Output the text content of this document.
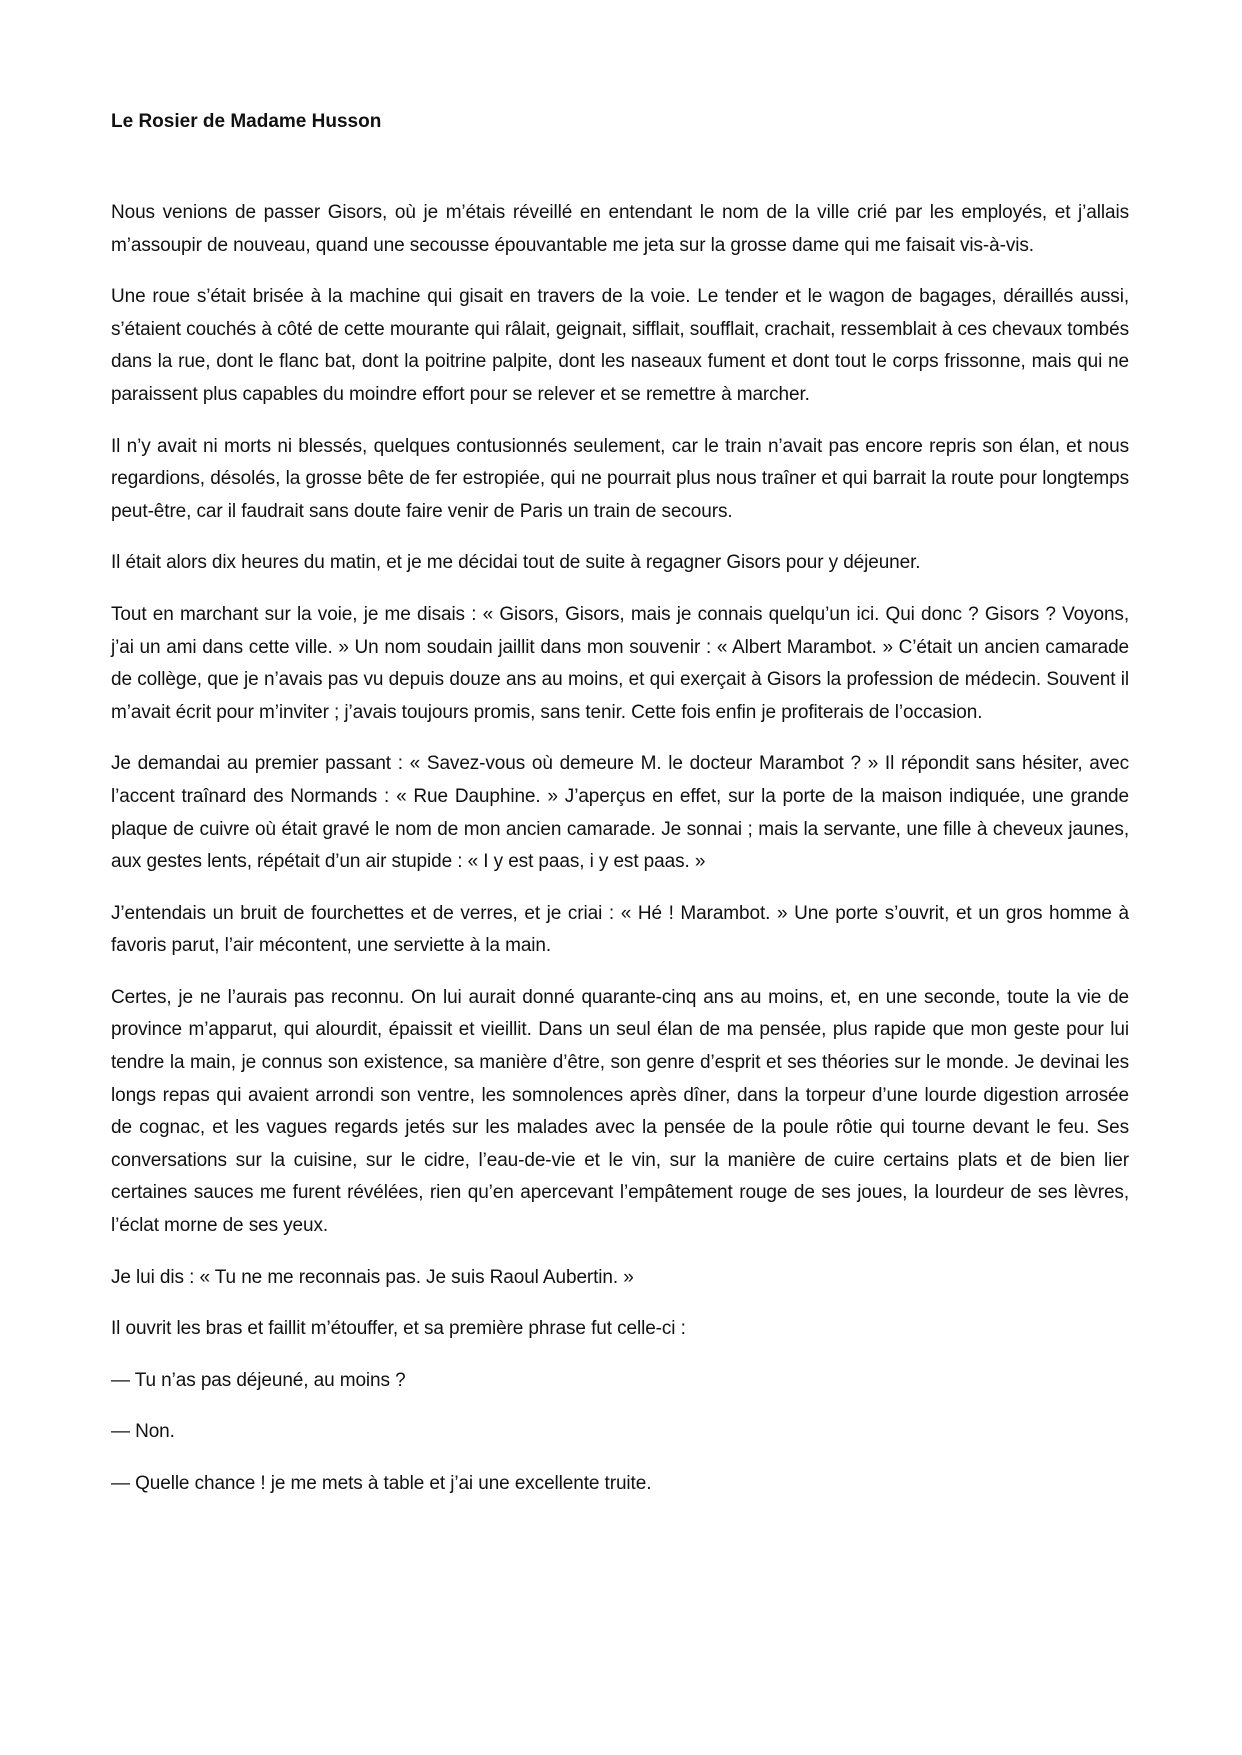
Le Rosier de Madame Husson

Nous venions de passer Gisors, où je m’étais réveillé en entendant le nom de la ville crié par les employés, et j’allais m’assoupir de nouveau, quand une secousse épouvantable me jeta sur la grosse dame qui me faisait vis-à-vis.

Une roue s’était brisée à la machine qui gisait en travers de la voie. Le tender et le wagon de bagages, déraillés aussi, s’étaient couchés à côté de cette mourante qui râlait, geignait, sifflait, soufflait, crachait, ressemblait à ces chevaux tombés dans la rue, dont le flanc bat, dont la poitrine palpite, dont les naseaux fument et dont tout le corps frissonne, mais qui ne paraissent plus capables du moindre effort pour se relever et se remettre à marcher.

Il n’y avait ni morts ni blessés, quelques contusionnés seulement, car le train n’avait pas encore repris son élan, et nous regardions, désolés, la grosse bête de fer estropiée, qui ne pourrait plus nous traîner et qui barrait la route pour longtemps peut-être, car il faudrait sans doute faire venir de Paris un train de secours.

Il était alors dix heures du matin, et je me décidai tout de suite à regagner Gisors pour y déjeuner.

Tout en marchant sur la voie, je me disais : « Gisors, Gisors, mais je connais quelqu’un ici. Qui donc ? Gisors ? Voyons, j’ai un ami dans cette ville. » Un nom soudain jaillit dans mon souvenir : « Albert Marambot. » C’était un ancien camarade de collège, que je n’avais pas vu depuis douze ans au moins, et qui exerçait à Gisors la profession de médecin. Souvent il m’avait écrit pour m’inviter ; j’avais toujours promis, sans tenir. Cette fois enfin je profiterais de l’occasion.

Je demandai au premier passant : « Savez-vous où demeure M. le docteur Marambot ? » Il répondit sans hésiter, avec l’accent traînard des Normands : « Rue Dauphine. » J’aperçus en effet, sur la porte de la maison indiquée, une grande plaque de cuivre où était gravé le nom de mon ancien camarade. Je sonnai ; mais la servante, une fille à cheveux jaunes, aux gestes lents, répétait d’un air stupide : « I y est paas, i y est paas. »

J’entendais un bruit de fourchettes et de verres, et je criai : « Hé ! Marambot. » Une porte s’ouvrit, et un gros homme à favoris parut, l’air mécontent, une serviette à la main.

Certes, je ne l’aurais pas reconnu. On lui aurait donné quarante-cinq ans au moins, et, en une seconde, toute la vie de province m’apparut, qui alourdit, épaissit et vieillit. Dans un seul élan de ma pensée, plus rapide que mon geste pour lui tendre la main, je connus son existence, sa manière d’être, son genre d’esprit et ses théories sur le monde. Je devinai les longs repas qui avaient arrondi son ventre, les somnolences après dîner, dans la torpeur d’une lourde digestion arrosée de cognac, et les vagues regards jetés sur les malades avec la pensée de la poule rôtie qui tourne devant le feu. Ses conversations sur la cuisine, sur le cidre, l’eau-de-vie et le vin, sur la manière de cuire certains plats et de bien lier certaines sauces me furent révélées, rien qu’en apercevant l’empâtement rouge de ses joues, la lourdeur de ses lèvres, l’éclat morne de ses yeux.

Je lui dis : « Tu ne me reconnais pas. Je suis Raoul Aubertin. »

Il ouvrit les bras et faillit m’étouffer, et sa première phrase fut celle-ci :

— Tu n’as pas déjeuné, au moins ?

— Non.

— Quelle chance ! je me mets à table et j’ai une excellente truite.
